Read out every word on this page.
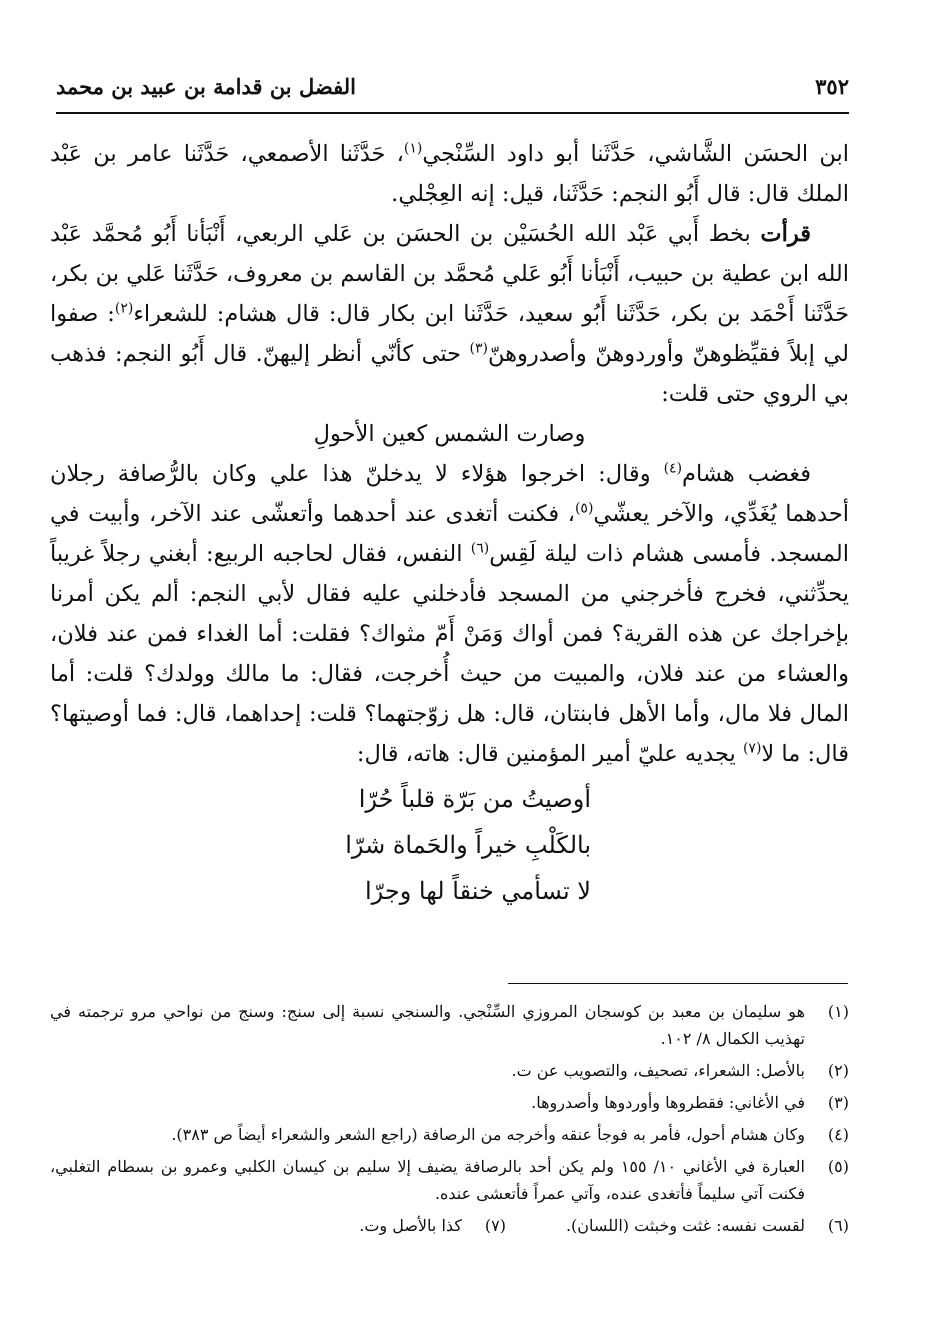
٣٥٢
الفضل بن قدامة بن عبيد بن محمد

ابن الحسَن الشَّاشي، حَدَّثَنا أبو داود السِّنْجي$^{(١)}$، حَدَّثَنا الأصمعي، حَدَّثَنا عامر بن عَبْد الملك قال: قال أَبُو النجم: حَدَّثَنا، قيل: إنه العِجْلي.

قرأت بخط أَبي عَبْد الله الحُسَيْن بن الحسَن بن عَلي الربعي، أَنْبَأنا أَبُو مُحمَّد عَبْد الله ابن عطية بن حبيب، أَنْبَأنا أَبُو عَلي مُحمَّد بن القاسم بن معروف، حَدَّثَنا عَلي بن بكر، حَدَّثَنا أَحْمَد بن بكر، حَدَّثَنا أَبُو سعيد، حَدَّثَنا ابن بكار قال: قال هشام: للشعراء$^{(٢)}$: صفوا لي إبلاً فقيِّظوهنّ وأوردوهنّ وأصدروهنّ$^{(٣)}$ حتى كأنّي أنظر إليهنّ. قال أَبُو النجم: فذهب بي الروي حتى قلت:

وصارت الشمس كعين الأحولِ

فغضب هشام$^{(٤)}$ وقال: اخرجوا هؤلاء لا يدخلنّ هذا علي وكان بالرُّصافة رجلان أحدهما يُغَدِّي، والآخر يعشّي$^{(٥)}$، فكنت أتغدى عند أحدهما وأتعشّى عند الآخر، وأبيت في المسجد. فأمسى هشام ذات ليلة لَقِس$^{(٦)}$ النفس، فقال لحاجبه الربيع: أبغني رجلاً غريباً يحدِّثني، فخرج فأخرجني من المسجد فأدخلني عليه فقال لأبي النجم: ألم يكن أمرنا بإخراجك عن هذه القرية؟ فمن أواك وَمَنْ أَمّ مثواك؟ فقلت: أما الغداء فمن عند فلان، والعشاء من عند فلان، والمبيت من حيث أُخرجت، فقال: ما مالك وولدك؟ قلت: أما المال فلا مال، وأما الأهل فابنتان، قال: هل زوّجتهما؟ قلت: إحداهما، قال: فما أوصيتها؟ قال: ما لا$^{(٧)}$ يجديه عليّ أمير المؤمنين قال: هاته، قال:

أوصيتُ من بَرّة قلباً حُرّا
بالكَلْبِ خيراً والحَماة شرّا
لا تسأمي خنقاً لها وجرّا
(١)
هو سليمان بن معبد بن كوسجان المروزي السِّنْجي. والسنجي نسبة إلى سنج: وسنج من نواحي مرو ترجمته في تهذيب الكمال ٨/ ١٠٢.
(٢)
بالأصل: الشعراء، تصحيف، والتصويب عن ت.
(٣)
في الأغاني: فقطروها وأوردوها وأصدروها.
(٤)
وكان هشام أحول، فأمر به فوجأ عنقه وأخرجه من الرصافة (راجع الشعر والشعراء أيضاً ص ٣٨٣).
(٥)
العبارة في الأغاني ١٠/ ١٥٥ ولم يكن أحد بالرصافة يضيف إلا سليم بن كيسان الكلبي وعمرو بن بسطام التغلبي، فكنت آتي سليماً فأتغدى عنده، وآتي عمراً فأتعشى عنده.
(٦)
لقست نفسه: غثت وخبثت (اللسان).
(٧)
كذا بالأصل وت.
